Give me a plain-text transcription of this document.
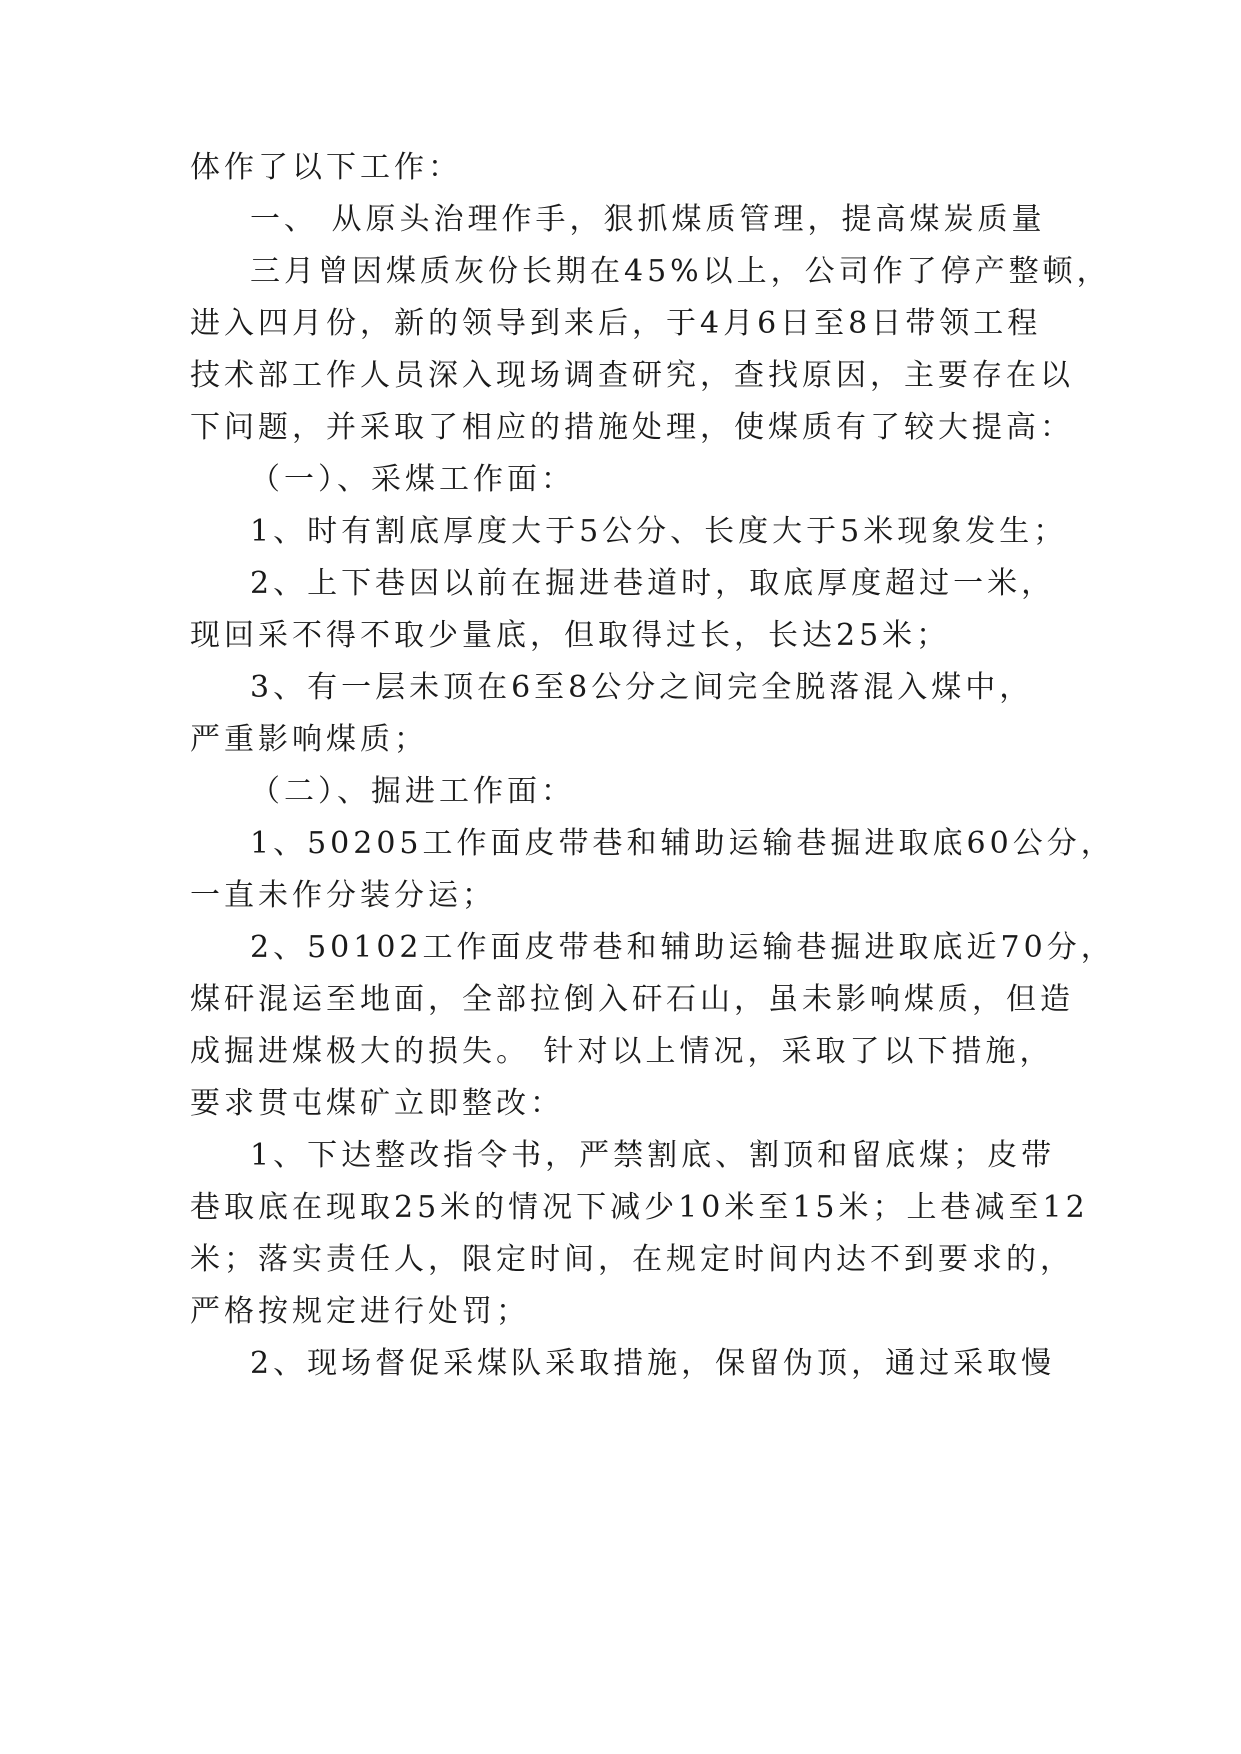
体作了以下工作：
一、 从原头治理作手，狠抓煤质管理，提高煤炭质量
三月曾因煤质灰份长期在45%以上，公司作了停产整顿，
进入四月份，新的领导到来后，于4月6日至8日带领工程
技术部工作人员深入现场调查研究，查找原因，主要存在以
下问题，并采取了相应的措施处理，使煤质有了较大提高：
（一）、采煤工作面：
1、时有割底厚度大于5公分、长度大于5米现象发生；
2、上下巷因以前在掘进巷道时，取底厚度超过一米，
现回采不得不取少量底，但取得过长，长达25米；
3、有一层未顶在6至8公分之间完全脱落混入煤中，
严重影响煤质；
（二）、掘进工作面：
1、50205工作面皮带巷和辅助运输巷掘进取底60公分，
一直未作分装分运；
2、50102工作面皮带巷和辅助运输巷掘进取底近70分，
煤矸混运至地面，全部拉倒入矸石山，虽未影响煤质，但造
成掘进煤极大的损失。 针对以上情况，采取了以下措施，
要求贯屯煤矿立即整改：
1、下达整改指令书，严禁割底、割顶和留底煤；皮带
巷取底在现取25米的情况下减少10米至15米；上巷减至12
米；落实责任人，限定时间，在规定时间内达不到要求的，
严格按规定进行处罚；
2、现场督促采煤队采取措施，保留伪顶，通过采取慢
